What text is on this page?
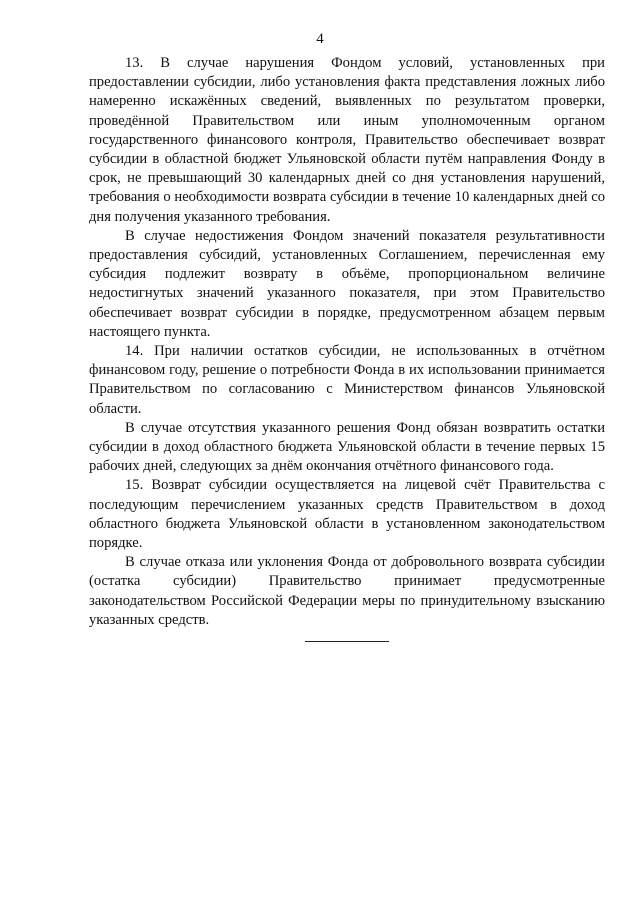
4

13. В случае нарушения Фондом условий, установленных при предоставлении субсидии, либо установления факта представления ложных либо намеренно искажённых сведений, выявленных по результатом проверки, проведённой Правительством или иным уполномоченным органом государственного финансового контроля, Правительство обеспечивает возврат субсидии в областной бюджет Ульяновской области путём направления Фонду в срок, не превышающий 30 календарных дней со дня установления нарушений, требования о необходимости возврата субсидии в течение 10 календарных дней со дня получения указанного требования.

В случае недостижения Фондом значений показателя результативности предоставления субсидий, установленных Соглашением, перечисленная ему субсидия подлежит возврату в объёме, пропорциональном величине недостигнутых значений указанного показателя, при этом Правительство обеспечивает возврат субсидии в порядке, предусмотренном абзацем первым настоящего пункта.

14. При наличии остатков субсидии, не использованных в отчётном финансовом году, решение о потребности Фонда в их использовании принимается Правительством по согласованию с Министерством финансов Ульяновской области.

В случае отсутствия указанного решения Фонд обязан возвратить остатки субсидии в доход областного бюджета Ульяновской области в течение первых 15 рабочих дней, следующих за днём окончания отчётного финансового года.

15. Возврат субсидии осуществляется на лицевой счёт Правительства с последующим перечислением указанных средств Правительством в доход областного бюджета Ульяновской области в установленном законодательством порядке.

В случае отказа или уклонения Фонда от добровольного возврата субсидии (остатка субсидии) Правительство принимает предусмотренные законодательством Российской Федерации меры по принудительному взысканию указанных средств.
